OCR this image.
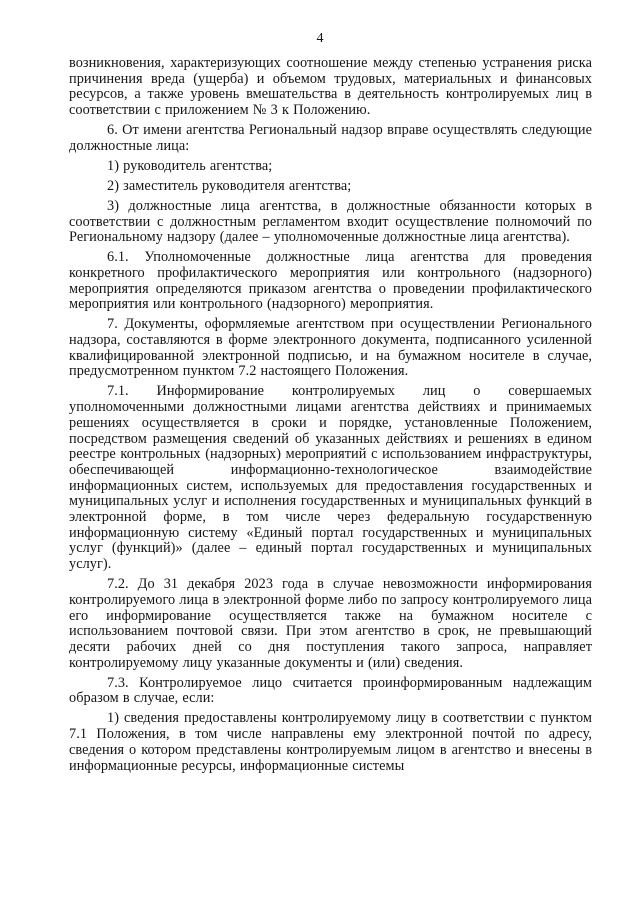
4

возникновения, характеризующих соотношение между степенью устранения риска причинения вреда (ущерба) и объемом трудовых, материальных и финансовых ресурсов, а также уровень вмешательства в деятельность контролируемых лиц в соответствии с приложением № 3 к Положению.

6. От имени агентства Региональный надзор вправе осуществлять следующие должностные лица:

1) руководитель агентства;

2) заместитель руководителя агентства;

3) должностные лица агентства, в должностные обязанности которых в соответствии с должностным регламентом входит осуществление полномочий по Региональному надзору (далее – уполномоченные должностные лица агентства).

6.1. Уполномоченные должностные лица агентства для проведения конкретного профилактического мероприятия или контрольного (надзорного) мероприятия определяются приказом агентства о проведении профилактического мероприятия или контрольного (надзорного) мероприятия.

7. Документы, оформляемые агентством при осуществлении Регионального надзора, составляются в форме электронного документа, подписанного усиленной квалифицированной электронной подписью, и на бумажном носителе в случае, предусмотренном пунктом 7.2 настоящего Положения.

7.1. Информирование контролируемых лиц о совершаемых уполномоченными должностными лицами агентства действиях и принимаемых решениях осуществляется в сроки и порядке, установленные Положением, посредством размещения сведений об указанных действиях и решениях в едином реестре контрольных (надзорных) мероприятий с использованием инфраструктуры, обеспечивающей информационно-технологическое взаимодействие информационных систем, используемых для предоставления государственных и муниципальных услуг и исполнения государственных и муниципальных функций в электронной форме, в том числе через федеральную государственную информационную систему «Единый портал государственных и муниципальных услуг (функций)» (далее – единый портал государственных и муниципальных услуг).

7.2. До 31 декабря 2023 года в случае невозможности информирования контролируемого лица в электронной форме либо по запросу контролируемого лица его информирование осуществляется также на бумажном носителе с использованием почтовой связи. При этом агентство в срок, не превышающий десяти рабочих дней со дня поступления такого запроса, направляет контролируемому лицу указанные документы и (или) сведения.

7.3. Контролируемое лицо считается проинформированным надлежащим образом в случае, если:

1) сведения предоставлены контролируемому лицу в соответствии с пунктом 7.1 Положения, в том числе направлены ему электронной почтой по адресу, сведения о котором представлены контролируемым лицом в агентство и внесены в информационные ресурсы, информационные системы
